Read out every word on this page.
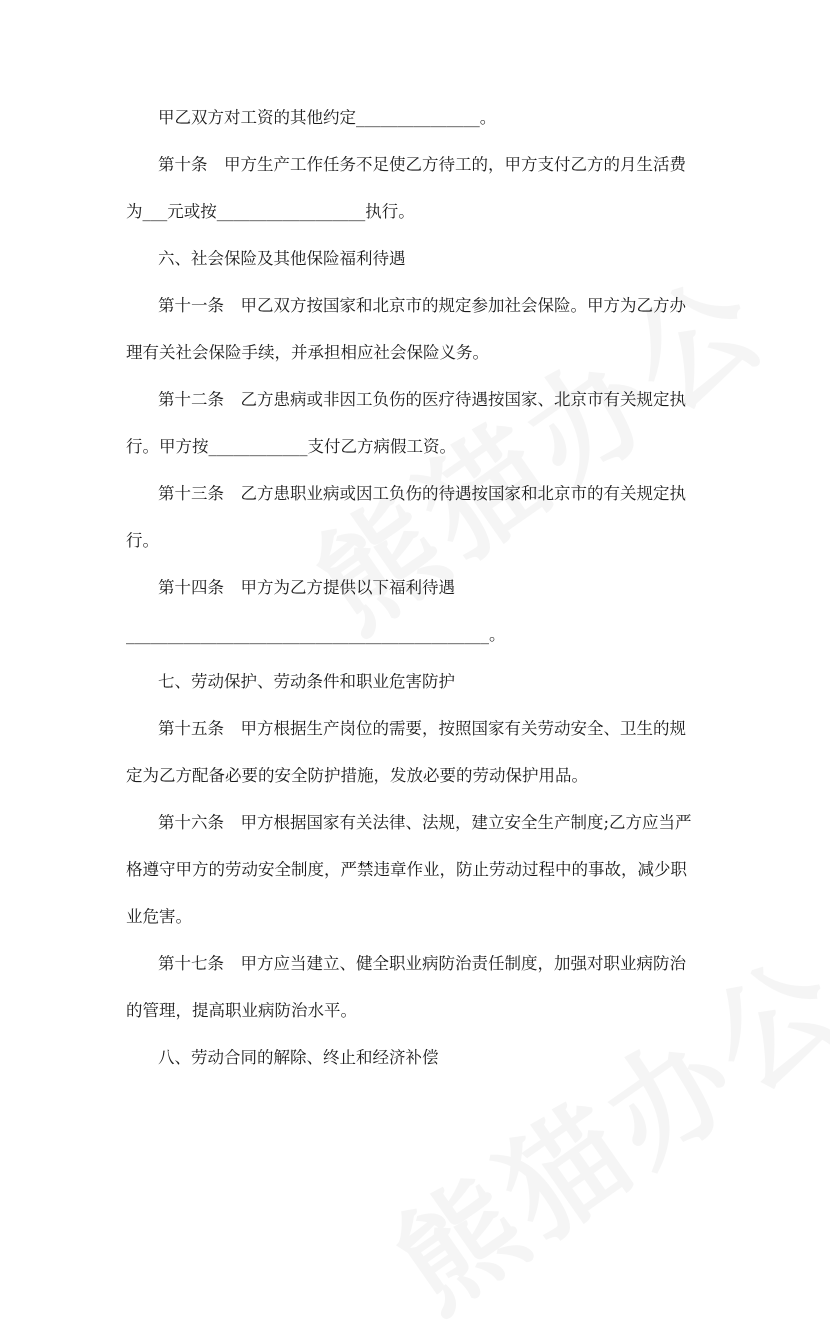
甲乙双方对工资的其他约定_______________。
第十条　甲方生产工作任务不足使乙方待工的，甲方支付乙方的月生活费
为___元或按__________________执行。
六、社会保险及其他保险福利待遇
第十一条　甲乙双方按国家和北京市的规定参加社会保险。甲方为乙方办
理有关社会保险手续，并承担相应社会保险义务。
第十二条　乙方患病或非因工负伤的医疗待遇按国家、北京市有关规定执
行。甲方按____________支付乙方病假工资。
第十三条　乙方患职业病或因工负伤的待遇按国家和北京市的有关规定执
行。
第十四条　甲方为乙方提供以下福利待遇
____________________________________________。
七、劳动保护、劳动条件和职业危害防护
第十五条　甲方根据生产岗位的需要，按照国家有关劳动安全、卫生的规
定为乙方配备必要的安全防护措施，发放必要的劳动保护用品。
第十六条　甲方根据国家有关法律、法规，建立安全生产制度;乙方应当严
格遵守甲方的劳动安全制度，严禁违章作业，防止劳动过程中的事故，减少职
业危害。
第十七条　甲方应当建立、健全职业病防治责任制度，加强对职业病防治
的管理，提高职业病防治水平。
八、劳动合同的解除、终止和经济补偿
